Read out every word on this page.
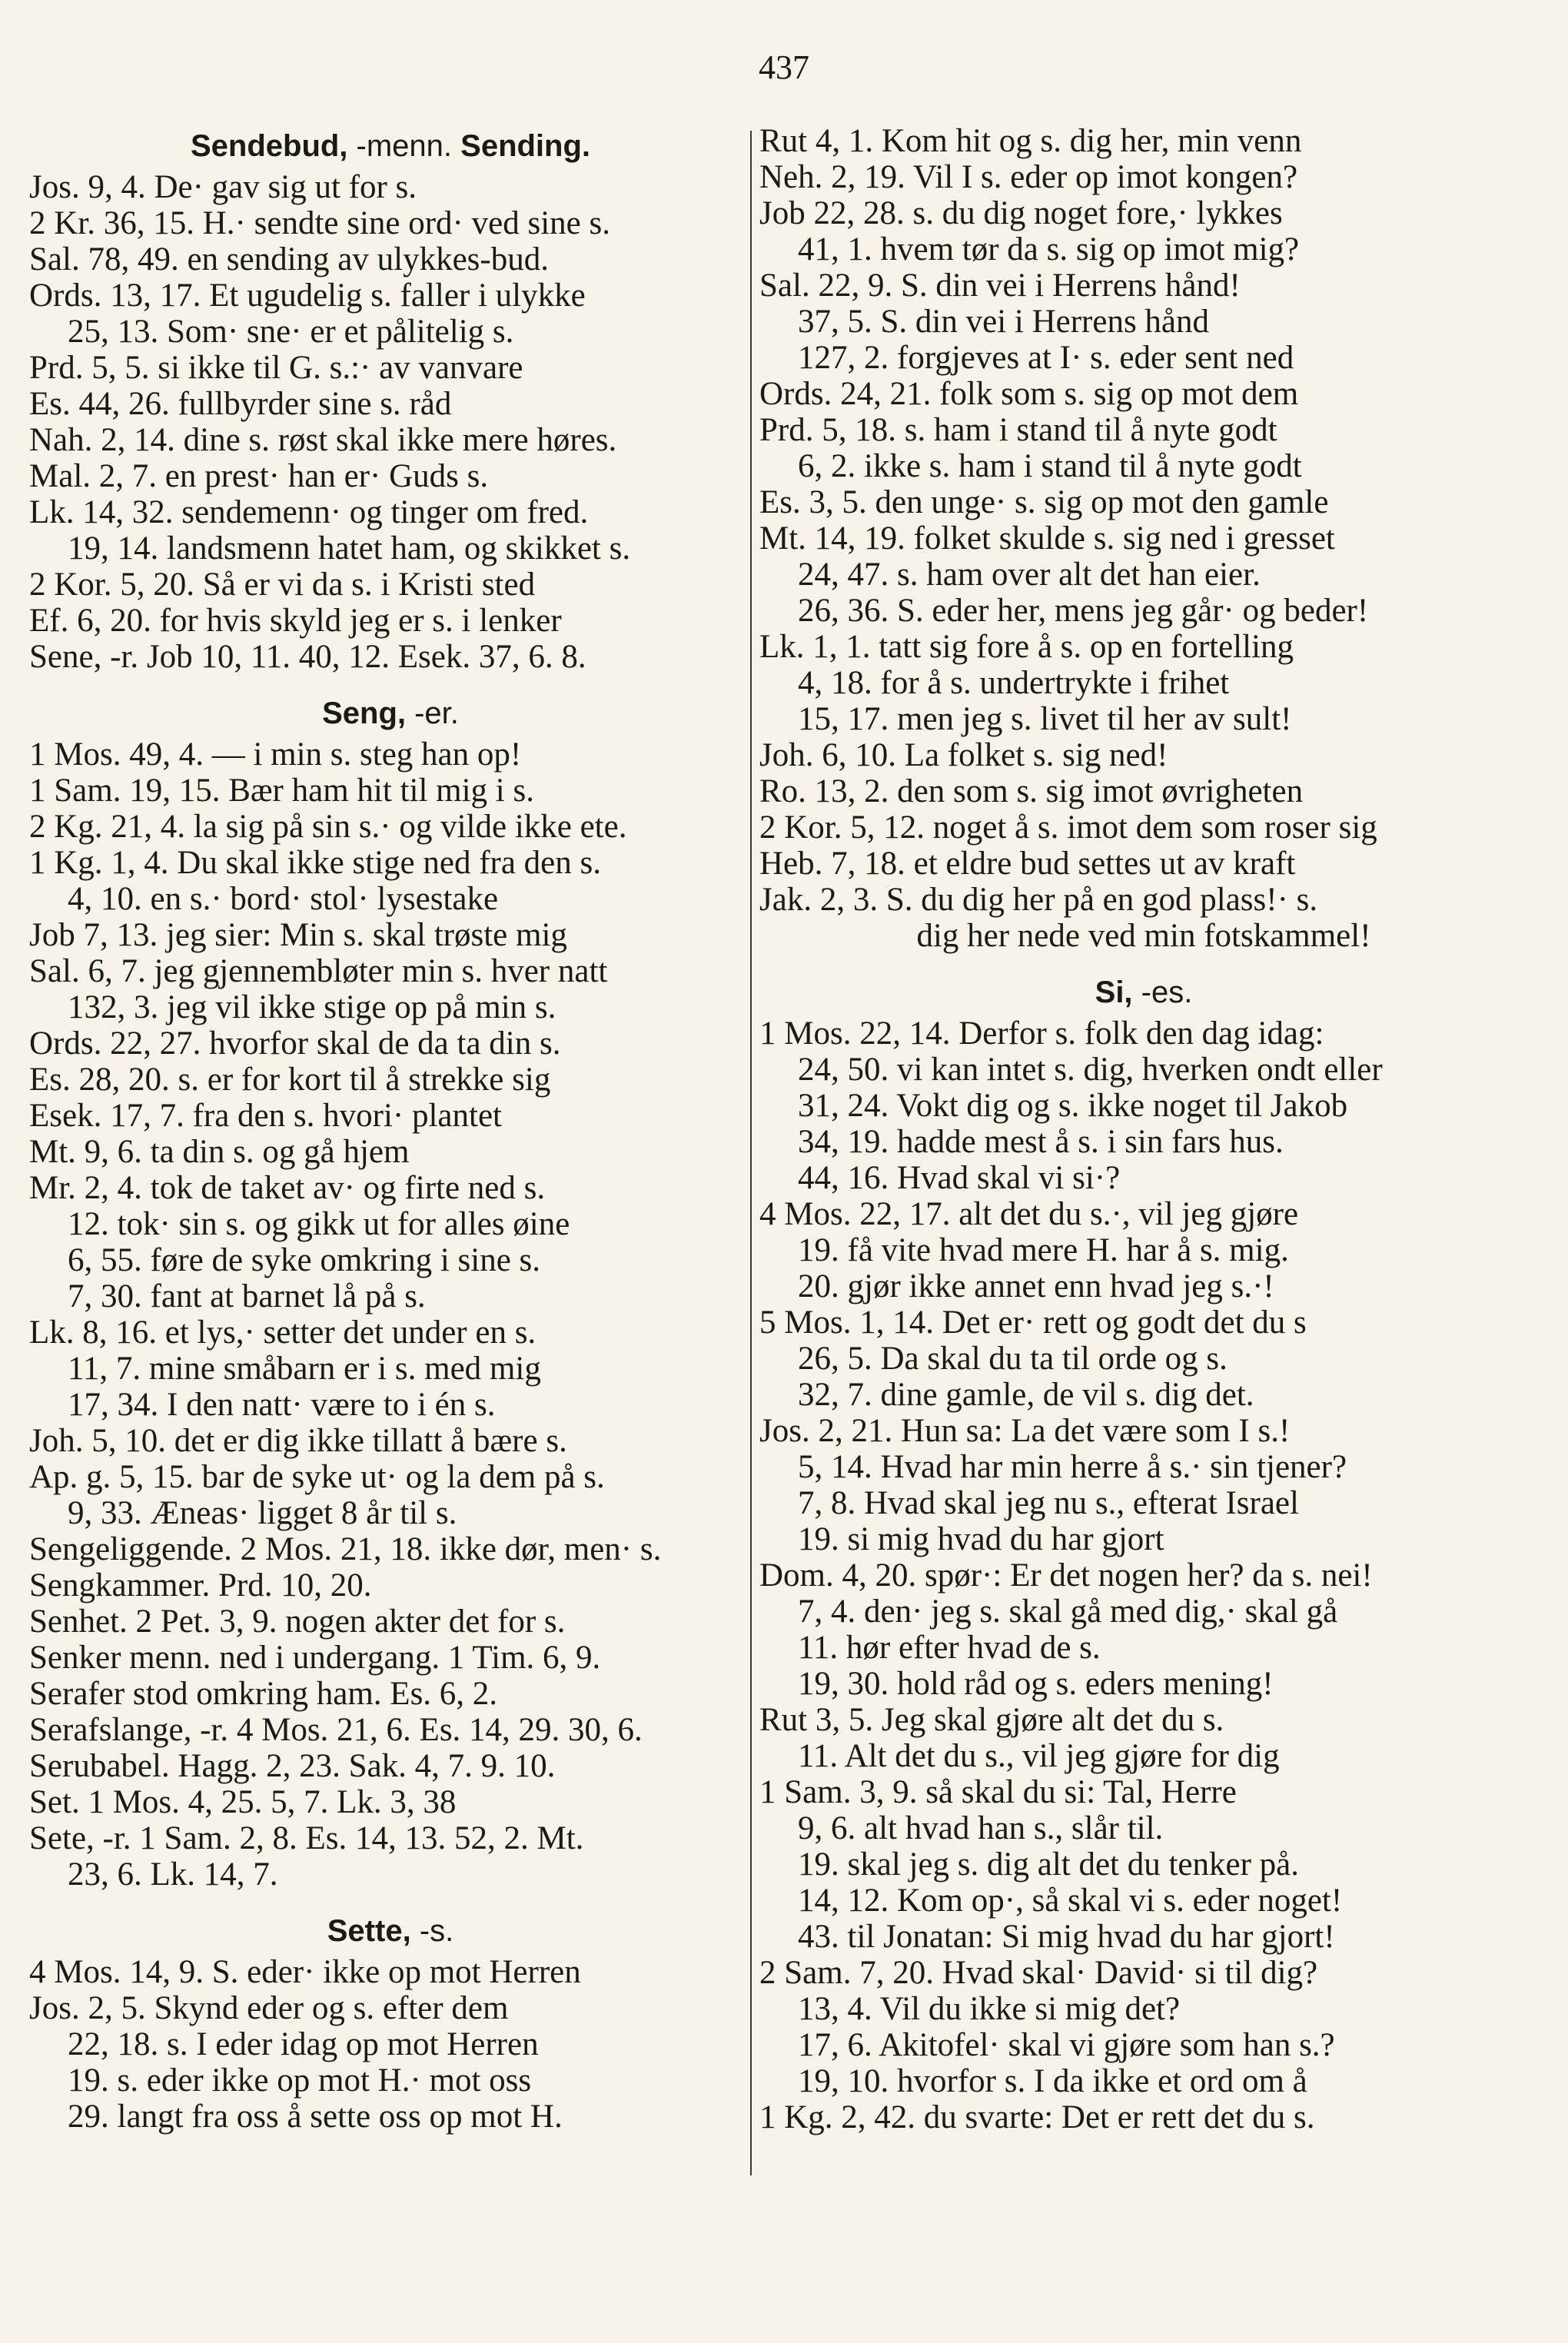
437
Sendebud, -menn. Sending.
Jos. 9, 4. De· gav sig ut for s.
2 Kr. 36, 15. H.· sendte sine ord· ved sine s.
Sal. 78, 49. en sending av ulykkes-bud.
Ords. 13, 17. Et ugudelig s. faller i ulykke
25, 13. Som· sne· er et pålitelig s.
Prd. 5, 5. si ikke til G. s.:· av vanvare
Es. 44, 26. fullbyrder sine s. råd
Nah. 2, 14. dine s. røst skal ikke mere høres.
Mal. 2, 7. en prest· han er· Guds s.
Lk. 14, 32. sendemenn· og tinger om fred.
19, 14. landsmenn hatet ham, og skikket s.
2 Kor. 5, 20. Så er vi da s. i Kristi sted
Ef. 6, 20. for hvis skyld jeg er s. i lenker
Sene, -r. Job 10, 11. 40, 12. Esek. 37, 6. 8.
Seng, -er.
1 Mos. 49, 4. — i min s. steg han op!
1 Sam. 19, 15. Bær ham hit til mig i s.
2 Kg. 21, 4. la sig på sin s.· og vilde ikke ete.
1 Kg. 1, 4. Du skal ikke stige ned fra den s.
4, 10. en s.· bord· stol· lysestake
Job 7, 13. jeg sier: Min s. skal trøste mig
Sal. 6, 7. jeg gjennembløter min s. hver natt
132, 3. jeg vil ikke stige op på min s.
Ords. 22, 27. hvorfor skal de da ta din s.
Es. 28, 20. s. er for kort til å strekke sig
Esek. 17, 7. fra den s. hvori· plantet
Mt. 9, 6. ta din s. og gå hjem
Mr. 2, 4. tok de taket av· og firte ned s.
12. tok· sin s. og gikk ut for alles øine
6, 55. føre de syke omkring i sine s.
7, 30. fant at barnet lå på s.
Lk. 8, 16. et lys,· setter det under en s.
11, 7. mine småbarn er i s. med mig
17, 34. I den natt· være to i én s.
Joh. 5, 10. det er dig ikke tillatt å bære s.
Ap. g. 5, 15. bar de syke ut· og la dem på s.
9, 33. Æneas· ligget 8 år til s.
Sengeliggende. 2 Mos. 21, 18. ikke dør, men· s.
Sengkammer. Prd. 10, 20.
Senhet. 2 Pet. 3, 9. nogen akter det for s.
Senker menn. ned i undergang. 1 Tim. 6, 9.
Serafer stod omkring ham. Es. 6, 2.
Serafslange, -r. 4 Mos. 21, 6. Es. 14, 29. 30, 6.
Serubabel. Hagg. 2, 23. Sak. 4, 7. 9. 10.
Set. 1 Mos. 4, 25. 5, 7. Lk. 3, 38
Sete, -r. 1 Sam. 2, 8. Es. 14, 13. 52, 2. Mt.
23, 6. Lk. 14, 7.
Sette, -s.
4 Mos. 14, 9. S. eder· ikke op mot Herren
Jos. 2, 5. Skynd eder og s. efter dem
22, 18. s. I eder idag op mot Herren
19. s. eder ikke op mot H.· mot oss
29. langt fra oss å sette oss op mot H.
Rut 4, 1. Kom hit og s. dig her, min venn
Neh. 2, 19. Vil I s. eder op imot kongen?
Job 22, 28. s. du dig noget fore,· lykkes
41, 1. hvem tør da s. sig op imot mig?
Sal. 22, 9. S. din vei i Herrens hånd!
37, 5. S. din vei i Herrens hånd
127, 2. forgjeves at I· s. eder sent ned
Ords. 24, 21. folk som s. sig op mot dem
Prd. 5, 18. s. ham i stand til å nyte godt
6, 2. ikke s. ham i stand til å nyte godt
Es. 3, 5. den unge· s. sig op mot den gamle
Mt. 14, 19. folket skulde s. sig ned i gresset
24, 47. s. ham over alt det han eier.
26, 36. S. eder her, mens jeg går· og beder!
Lk. 1, 1. tatt sig fore å s. op en fortelling
4, 18. for å s. undertrykte i frihet
15, 17. men jeg s. livet til her av sult!
Joh. 6, 10. La folket s. sig ned!
Ro. 13, 2. den som s. sig imot øvrigheten
2 Kor. 5, 12. noget å s. imot dem som roser sig
Heb. 7, 18. et eldre bud settes ut av kraft
Jak. 2, 3. S. du dig her på en god plass!· s.
dig her nede ved min fotskammel!
Si, -es.
1 Mos. 22, 14. Derfor s. folk den dag idag:
24, 50. vi kan intet s. dig, hverken ondt eller
31, 24. Vokt dig og s. ikke noget til Jakob
34, 19. hadde mest å s. i sin fars hus.
44, 16. Hvad skal vi si·?
4 Mos. 22, 17. alt det du s.·, vil jeg gjøre
19. få vite hvad mere H. har å s. mig.
20. gjør ikke annet enn hvad jeg s.·!
5 Mos. 1, 14. Det er· rett og godt det du s
26, 5. Da skal du ta til orde og s.
32, 7. dine gamle, de vil s. dig det.
Jos. 2, 21. Hun sa: La det være som I s.!
5, 14. Hvad har min herre å s.· sin tjener?
7, 8. Hvad skal jeg nu s., efterat Israel
19. si mig hvad du har gjort
Dom. 4, 20. spør·: Er det nogen her? da s. nei!
7, 4. den· jeg s. skal gå med dig,· skal gå
11. hør efter hvad de s.
19, 30. hold råd og s. eders mening!
Rut 3, 5. Jeg skal gjøre alt det du s.
11. Alt det du s., vil jeg gjøre for dig
1 Sam. 3, 9. så skal du si: Tal, Herre
9, 6. alt hvad han s., slår til.
19. skal jeg s. dig alt det du tenker på.
14, 12. Kom op·, så skal vi s. eder noget!
43. til Jonatan: Si mig hvad du har gjort!
2 Sam. 7, 20. Hvad skal· David· si til dig?
13, 4. Vil du ikke si mig det?
17, 6. Akitofel· skal vi gjøre som han s.?
19, 10. hvorfor s. I da ikke et ord om å
1 Kg. 2, 42. du svarte: Det er rett det du s.
